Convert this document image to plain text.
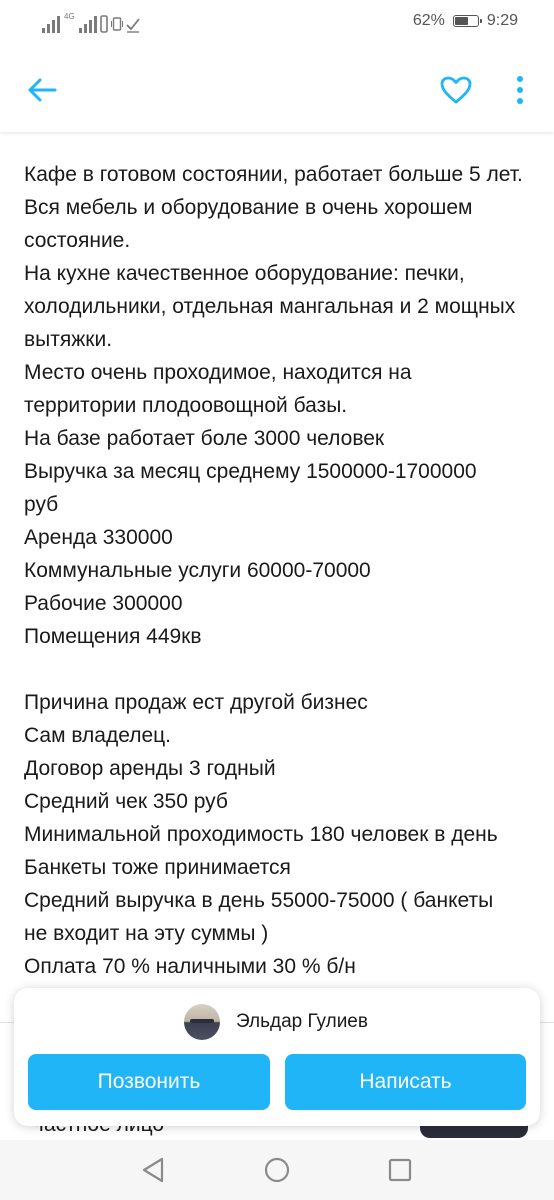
4G	62%	9:29

Кафе в готовом состоянии, работает больше 5 лет.

Вся мебель и оборудование в очень хорошем

состояние.

На кухне качественное оборудование: печки,

холодильники, отдельная мангальная и 2 мощных

вытяжки.

Место очень проходимое, находится на

территории плодоовощной базы.

На базе работает боле 3000 человек

Выручка за месяц среднему 1500000-1700000

руб

Аренда 330000

Коммунальные услуги 60000-70000

Рабочие 300000

Помещения 449кв

Причина продаж ест другой бизнес

Сам владелец.

Договор аренды 3 годный

Средний чек 350 руб

Минимальной проходимость 180 человек в день

Банкеты тоже принимается

Средний выручка в день 55000-75000 ( банкеты

не входит на эту суммы )

Оплата 70 % наличными 30 % б/н

Эльдар Гулиев
Позвонить	Написать
